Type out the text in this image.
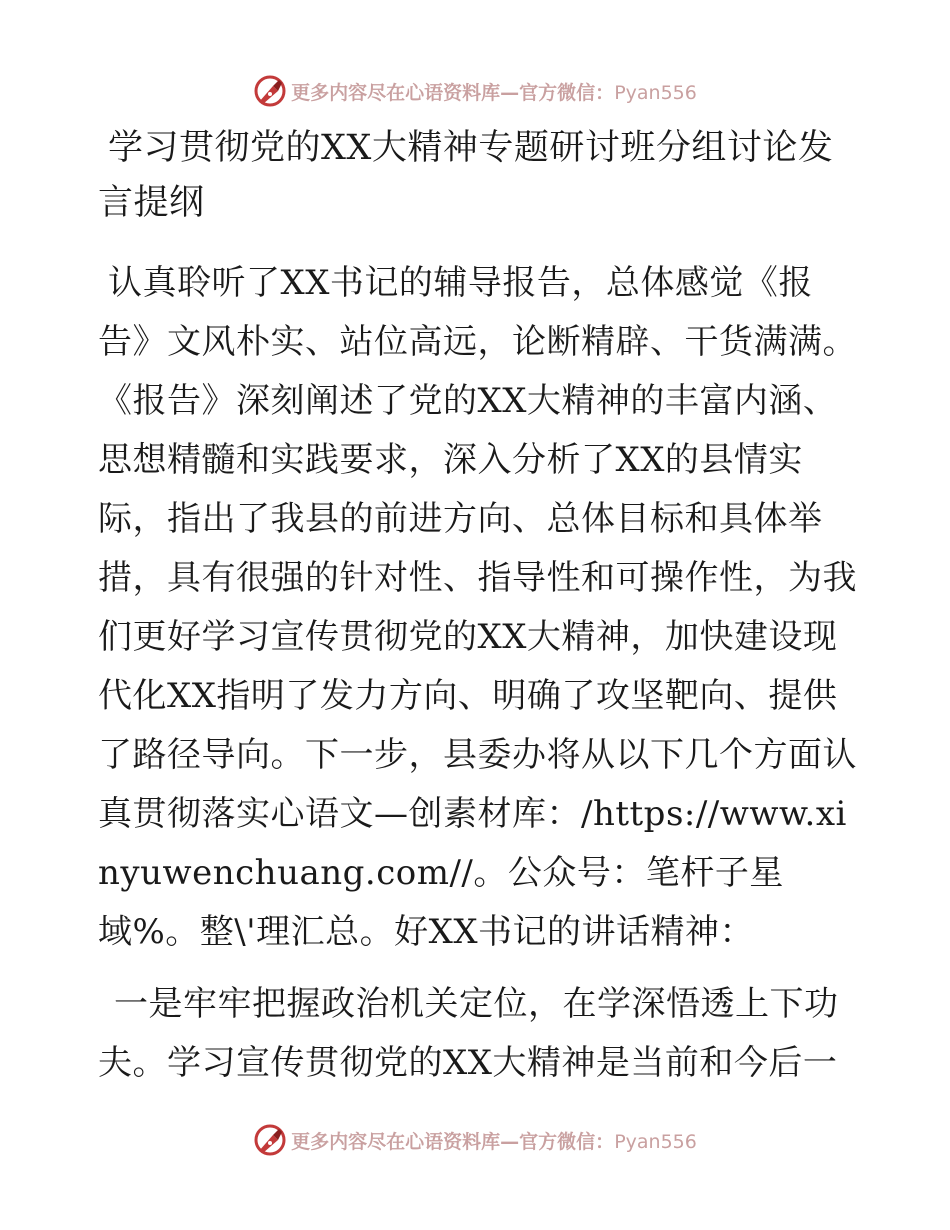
更多内容尽在心语资料库—官方微信：Pyan556
学习贯彻党的XX大精神专题研讨班分组讨论发言提纲

认真聆听了XX书记的辅导报告，总体感觉《报告》文风朴实、站位高远，论断精辟、干货满满。《报告》深刻阐述了党的XX大精神的丰富内涵、思想精髓和实践要求，深入分析了XX的县情实际，指出了我县的前进方向、总体目标和具体举措，具有很强的针对性、指导性和可操作性，为我们更好学习宣传贯彻党的XX大精神，加快建设现代化XX指明了发力方向、明确了攻坚靶向、提供了路径导向。下一步，县委办将从以下几个方面认真贯彻落实心语文—创素材库：/https://www.xinyuwenchuang.com//。公众号：笔杆子星域%。整\'理汇总。好XX书记的讲话精神：

一是牢牢把握政治机关定位，在学深悟透上下功夫。学习宣传贯彻党的XX大精神是当前和今后一

更多内容尽在心语资料库—官方微信：Pyan556
